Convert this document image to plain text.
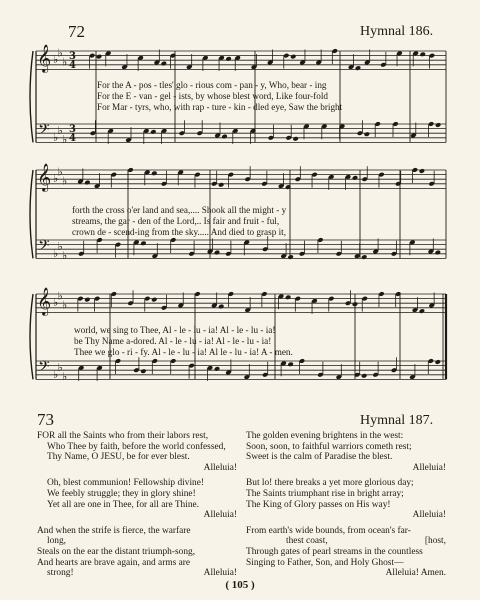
72	Hymnal 186.
𝄞
𝄢
♭
♭
♭
♭
♭
♭
3
4
3
4
𝄞
𝄢
♭
♭
♭
♭
♭
♭
𝄞
𝄢
♭
♭
♭
♭
♭
♭
For the A - pos - tles' glo - rious com - pan - y, Who, bear - ing
For the E - van - gel - ists, by whose blest word, Like four-fold
For Mar - tyrs, who, with rap - ture - kin - dled eye, Saw the bright
forth the cross o'er land and sea,.... Shook all the might - y
streams, the gar - den of the Lord,.. Is fair and fruit - ful,
crown de - scend-ing from the sky..... And died to grasp it,
world, we sing to Thee, Al - le - lu - ia! Al - le - lu - ia!
be Thy Name a-dored. Al - le - lu - ia! Al - le - lu - ia!
Thee we glo - ri - fy. Al - le - lu - ia! Al le - lu - ia! A - men.
73	Hymnal 187.
FOR all the Saints who from their labors rest,
Who Thee by faith, before the world confessed,
Thy Name, O JESU, be for ever blest.
Alleluia!
Oh, blest communion! Fellowship divine!
We feebly struggle; they in glory shine!
Yet all are one in Thee, for all are Thine.
Alleluia!
And when the strife is fierce, the warfare
long,
Steals on the ear the distant triumph-song,
And hearts are brave again, and arms are
strong!	Alleluia!
The golden evening brightens in the west:
Soon, soon, to faithful warriors cometh rest;
Sweet is the calm of Paradise the blest.
Alleluia!
But lo! there breaks a yet more glorious day;
The Saints triumphant rise in bright array;
The King of Glory passes on His way!
Alleluia!
From earth's wide bounds, from ocean's far-
thest coast,	[host,
Through gates of pearl streams in the countless
Singing to Father, Son, and Holy Ghost—
Alleluia! Amen.
( 105 )
